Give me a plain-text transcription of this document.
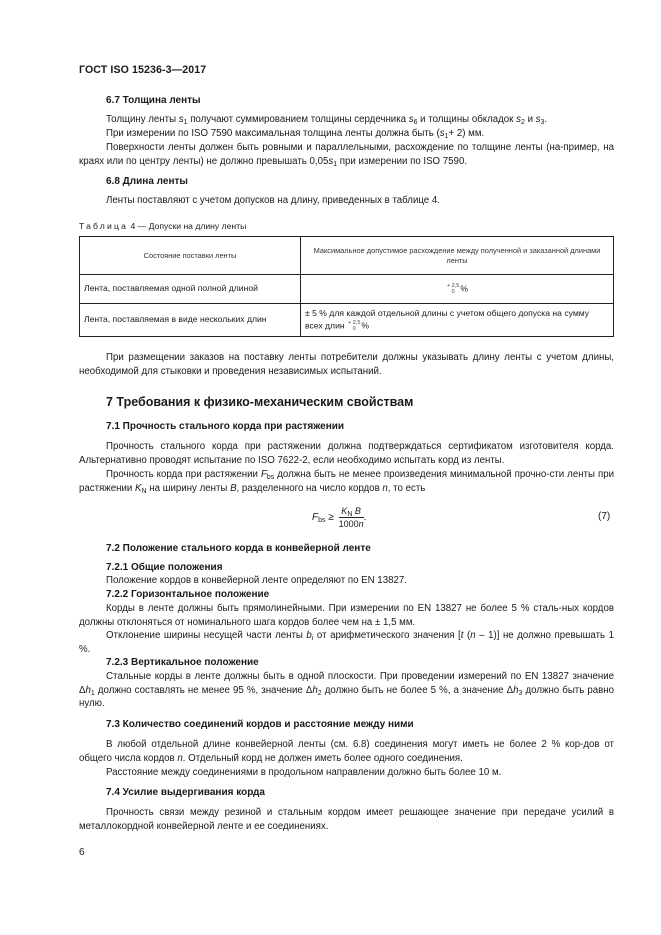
ГОСТ ISO 15236-3—2017
6.7 Толщина ленты
Толщину ленты $s_1$ получают суммированием толщины сердечника $s_6$ и толщины обкладок $s_2$ и $s_3$.
При измерении по ISO 7590 максимальная толщина ленты должна быть $(s_1+ 2)$ мм.
Поверхности ленты должен быть ровными и параллельными, расхождение по толщине ленты (на-пример, на краях или по центру ленты) не должно превышать $0,05s_1$ при измерении по ISO 7590.
6.8 Длина ленты
Ленты поставляют с учетом допусков на длину, приведенных в таблице 4.
Таблица 4 — Допуски на длину ленты
Состояние поставки ленты	Максимальное допустимое расхождение между полученной и заказанной длинами ленты
Лента, поставляемая одной полной длиной	+ 2,5
0 %
Лента, поставляемая в виде нескольких длин	± 5 % для каждой отдельной длины с учетом общего допуска на сумму всех длин + 2,5
0 %
При размещении заказов на поставку ленты потребители должны указывать длину ленты с учетом длины, необходимой для стыковки и проведения независимых испытаний.
7 Требования к физико-механическим свойствам
7.1 Прочность стального корда при растяжении
Прочность стального корда при растяжении должна подтверждаться сертификатом изготовителя корда. Альтернативно проводят испытание по ISO 7622-2, если необходимо испытать корд из ленты.
Прочность корда при растяжении $F_{bs}$ должна быть не менее произведения минимальной прочно-сти ленты при растяжении $K_N$ на ширину ленты B, разделенного на число кордов n, то есть
$F_{bs} \ge \frac{K_N B}{1000n}$ .	(7)
7.2 Положение стального корда в конвейерной ленте
7.2.1 Общие положения
Положение кордов в конвейерной ленте определяют по EN 13827.
7.2.2 Горизонтальное положение
Корды в ленте должны быть прямолинейными. При измерении по EN 13827 не более 5 % сталь-ных кордов должны отклоняться от номинального шага кордов более чем на ± 1,5 мм.
Отклонение ширины несущей части ленты $b_i$ от арифметического значения [t (n – 1)] не должно превышать 1 %.
7.2.3 Вертикальное положение
Стальные корды в ленте должны быть в одной плоскости. При проведении измерений по EN 13827 значение $\Delta h_1$ должно составлять не менее 95 %, значение $\Delta h_2$ должно быть не более 5 %, а значение $\Delta h_3$ должно быть равно нулю.
7.3 Количество соединений кордов и расстояние между ними
В любой отдельной длине конвейерной ленты (см. 6.8) соединения могут иметь не более 2 % кор-дов от общего числа кордов n. Отдельный корд не должен иметь более одного соединения.
Расстояние между соединениями в продольном направлении должно быть более 10 м.
7.4 Усилие выдергивания корда
Прочность связи между резиной и стальным кордом имеет решающее значение при передаче усилий в металлокордной конвейерной ленте и ее соединениях.
6
